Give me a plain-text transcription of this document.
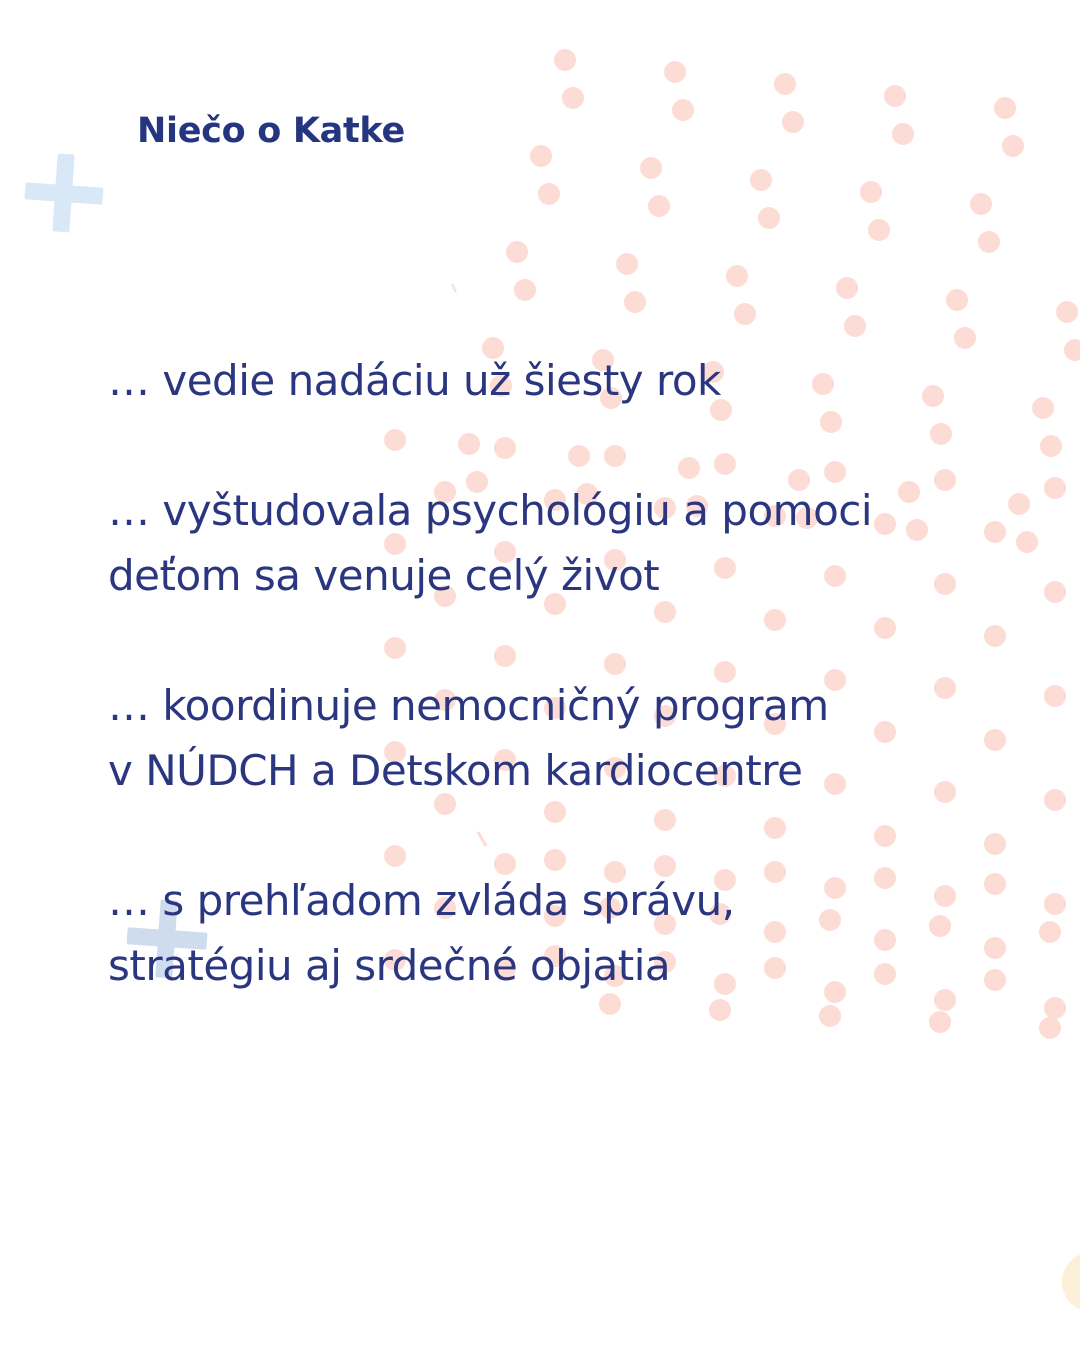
Niečo o Katke

… vedie nadáciu už šiesty rok

… vyštudovala psychológiu a pomoci
deťom sa venuje celý život

… koordinuje nemocničný program
v NÚDCH a Detskom kardiocentre

… s prehľadom zvláda správu,
stratégiu aj srdečné objatia
